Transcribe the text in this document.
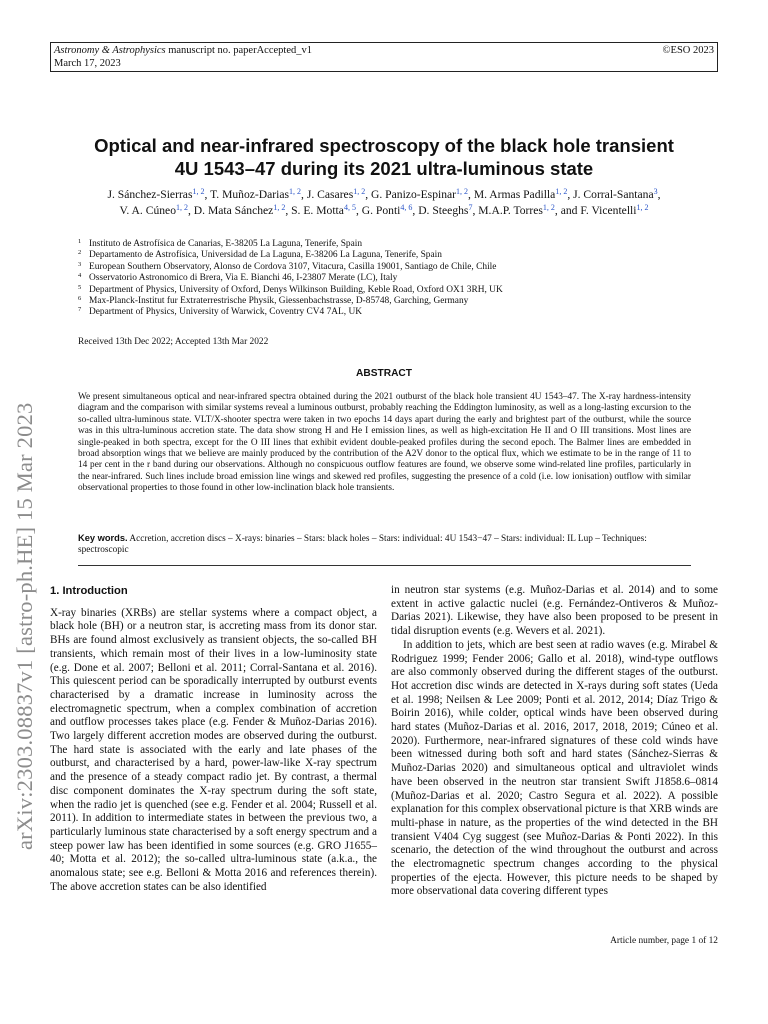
Astronomy & Astrophysics manuscript no. paperAccepted_v1	©ESO 2023
March 17, 2023
arXiv:2303.08837v1 [astro-ph.HE] 15 Mar 2023
Optical and near-infrared spectroscopy of the black hole transient
4U 1543–47 during its 2021 ultra-luminous state
J. Sánchez-Sierras$^{1, 2}$, T. Muñoz-Darias$^{1, 2}$, J. Casares$^{1, 2}$, G. Panizo-Espinar$^{1, 2}$, M. Armas Padilla$^{1, 2}$, J. Corral-Santana$^3$,
V. A. Cúneo$^{1, 2}$, D. Mata Sánchez$^{1, 2}$, S. E. Motta$^{4, 5}$, G. Ponti$^{4, 6}$, D. Steeghs$^7$, M.A.P. Torres$^{1, 2}$, and F. Vicentelli$^{1, 2}$
1 Instituto de Astrofísica de Canarias, E-38205 La Laguna, Tenerife, Spain
2 Departamento de Astrofísica, Universidad de La Laguna, E-38206 La Laguna, Tenerife, Spain
3 European Southern Observatory, Alonso de Cordova 3107, Vitacura, Casilla 19001, Santiago de Chile, Chile
4 Osservatorio Astronomico di Brera, Via E. Bianchi 46, I-23807 Merate (LC), Italy
5 Department of Physics, University of Oxford, Denys Wilkinson Building, Keble Road, Oxford OX1 3RH, UK
6 Max-Planck-Institut fur Extraterrestrische Physik, Giessenbachstrasse, D-85748, Garching, Germany
7 Department of Physics, University of Warwick, Coventry CV4 7AL, UK
Received 13th Dec 2022; Accepted 13th Mar 2022
ABSTRACT
We present simultaneous optical and near-infrared spectra obtained during the 2021 outburst of the black hole transient 4U 1543–47. The X-ray hardness-intensity diagram and the comparison with similar systems reveal a luminous outburst, probably reaching the Eddington luminosity, as well as a long-lasting excursion to the so-called ultra-luminous state. VLT/X-shooter spectra were taken in two epochs 14 days apart during the early and brightest part of the outburst, while the source was in this ultra-luminous accretion state. The data show strong H and He I emission lines, as well as high-excitation He II and O III transitions. Most lines are single-peaked in both spectra, except for the O III lines that exhibit evident double-peaked profiles during the second epoch. The Balmer lines are embedded in broad absorption wings that we believe are mainly produced by the contribution of the A2V donor to the optical flux, which we estimate to be in the range of 11 to 14 per cent in the r band during our observations. Although no conspicuous outflow features are found, we observe some wind-related line profiles, particularly in the near-infrared. Such lines include broad emission line wings and skewed red profiles, suggesting the presence of a cold (i.e. low ionisation) outflow with similar observational properties to those found in other low-inclination black hole transients.
Key words. Accretion, accretion discs – X-rays: binaries – Stars: black holes – Stars: individual: 4U 1543−47 – Stars: individual: IL Lup – Techniques: spectroscopic

1. Introduction

X-ray binaries (XRBs) are stellar systems where a compact object, a black hole (BH) or a neutron star, is accreting mass from its donor star. BHs are found almost exclusively as transient objects, the so-called BH transients, which remain most of their lives in a low-luminosity state (e.g. Done et al. 2007; Belloni et al. 2011; Corral-Santana et al. 2016). This quiescent period can be sporadically interrupted by outburst events characterised by a dramatic increase in luminosity across the electromagnetic spectrum, when a complex combination of accretion and outflow processes takes place (e.g. Fender & Muñoz-Darias 2016). Two largely different accretion modes are observed during the outburst. The hard state is associated with the early and late phases of the outburst, and characterised by a hard, power-law-like X-ray spectrum and the presence of a steady compact radio jet. By contrast, a thermal disc component dominates the X-ray spectrum during the soft state, when the radio jet is quenched (see e.g. Fender et al. 2004; Russell et al. 2011). In addition to intermediate states in between the previous two, a particularly luminous state characterised by a soft energy spectrum and a steep power law has been identified in some sources (e.g. GRO J1655–40; Motta et al. 2012); the so-called ultra-luminous state (a.k.a., the anomalous state; see e.g. Belloni & Motta 2016 and references therein). The above accretion states can be also identified

in neutron star systems (e.g. Muñoz-Darias et al. 2014) and to some extent in active galactic nuclei (e.g. Fernández-Ontiveros & Muñoz-Darias 2021). Likewise, they have also been proposed to be present in tidal disruption events (e.g. Wevers et al. 2021).

In addition to jets, which are best seen at radio waves (e.g. Mirabel & Rodriguez 1999; Fender 2006; Gallo et al. 2018), wind-type outflows are also commonly observed during the different stages of the outburst. Hot accretion disc winds are detected in X-rays during soft states (Ueda et al. 1998; Neilsen & Lee 2009; Ponti et al. 2012, 2014; Díaz Trigo & Boirin 2016), while colder, optical winds have been observed during hard states (Muñoz-Darias et al. 2016, 2017, 2018, 2019; Cúneo et al. 2020). Furthermore, near-infrared signatures of these cold winds have been witnessed during both soft and hard states (Sánchez-Sierras & Muñoz-Darias 2020) and simultaneous optical and ultraviolet winds have been observed in the neutron star transient Swift J1858.6–0814 (Muñoz-Darias et al. 2020; Castro Segura et al. 2022). A possible explanation for this complex observational picture is that XRB winds are multi-phase in nature, as the properties of the wind detected in the BH transient V404 Cyg suggest (see Muñoz-Darias & Ponti 2022). In this scenario, the detection of the wind throughout the outburst and across the electromagnetic spectrum changes according to the physical properties of the ejecta. However, this picture needs to be shaped by more observational data covering different types

Article number, page 1 of 12
